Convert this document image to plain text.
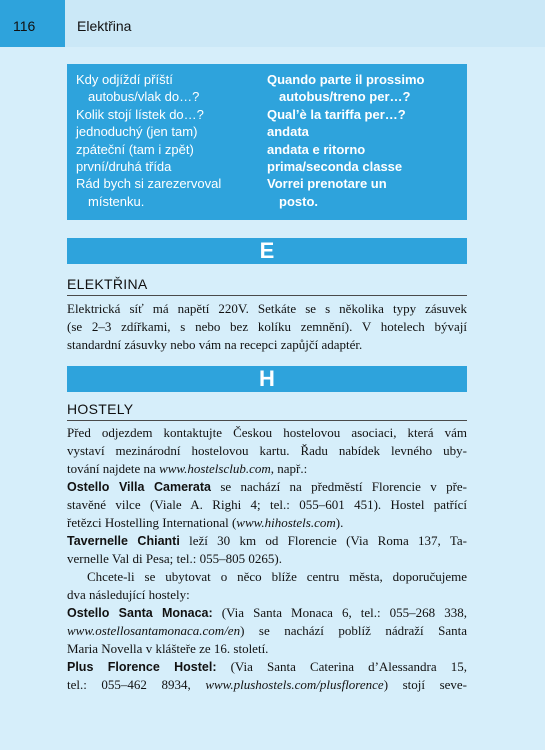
116	Elektřina
Kdy odjíždí příští	Quando parte il prossimo
autobus/vlak do…?	autobus/treno per…?
Kolik stojí lístek do…?	Qual’è la tariffa per…?
jednoduchý (jen tam)	andata
zpáteční (tam i zpět)	andata e ritorno
první/druhá třída	prima/seconda classe
Rád bych si zarezervoval	Vorrei prenotare un
místenku.	posto.
E
ELEKTŘINA
Elektrická síť má napětí 220V. Setkáte se s několika typy zásuvek
(se 2–3 zdířkami, s nebo bez kolíku zemnění). V hotelech bývají
standardní zásuvky nebo vám na recepci zapůjčí adaptér.
H
HOSTELY
Před odjezdem kontaktujte Českou hostelovou asociaci, která vám
vystaví mezinárodní hostelovou kartu. Řadu nabídek levného uby-
tování najdete na www.hostelsclub.com, např.:
Ostello Villa Camerata se nachází na předměstí Florencie v pře-
stavěné vilce (Viale A. Righi 4; tel.: 055–601 451). Hostel patřící
řetězci Hostelling International (www.hihostels.com).
Tavernelle Chianti leží 30 km od Florencie (Via Roma 137, Ta-
vernelle Val di Pesa; tel.: 055–805 0265).
Chcete-li se ubytovat o něco blíže centru města, doporučujeme
dva následující hostely:
Ostello Santa Monaca: (Via Santa Monaca 6, tel.: 055–268 338,
www.ostellosantamonaca.com/en) se nachází poblíž nádraží Santa
Maria Novella v klášteře ze 16. století.
Plus Florence Hostel: (Via Santa Caterina d’Alessandra 15,
tel.: 055–462 8934, www.plushostels.com/plusflorence) stojí seve-
